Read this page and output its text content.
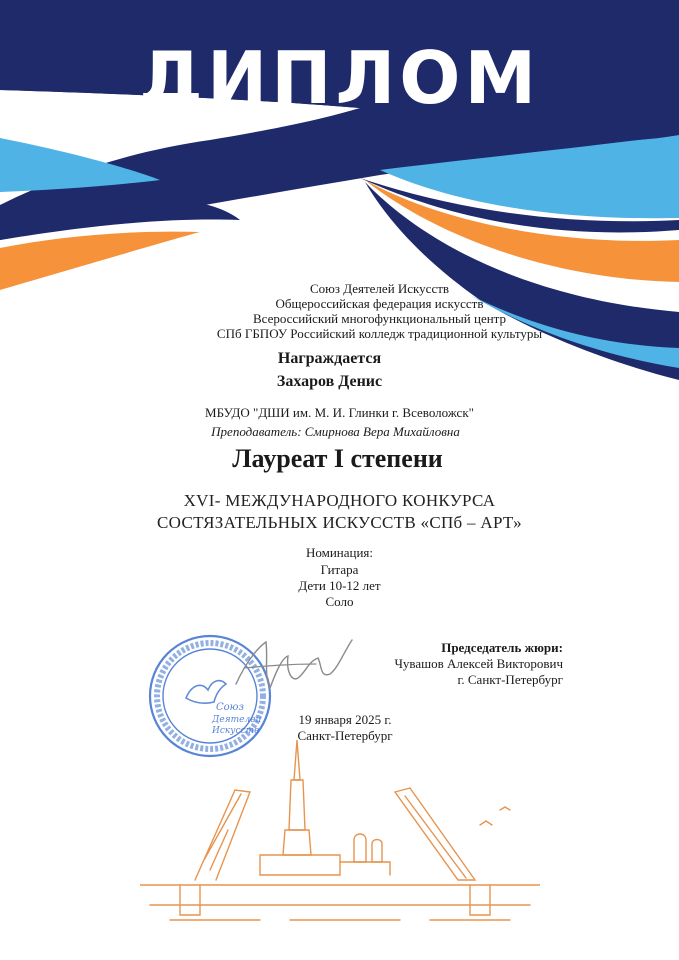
ДИПЛОМ
Союз Деятелей Искусств
Общероссийская федерация искусств
Всероссийский многофункциональный центр
СПб ГБПОУ Российский колледж традиционной культуры
Награждается
Захаров Денис
МБУДО "ДШИ им. М. И. Глинки г. Всеволожск"
Преподаватель: Смирнова Вера Михайловна
Лауреат I степени
XVI- МЕЖДУНАРОДНОГО КОНКУРСА
СОСТЯЗАТЕЛЬНЫХ ИСКУССТВ «СПб – АРТ»
Номинация:
Гитара
Дети 10-12 лет
Соло
Председатель жюри:
Чувашов Алексей Викторович
г. Санкт-Петербург
19 января 2025 г.
Санкт-Петербург
Союз
Деятелей
Искусств
